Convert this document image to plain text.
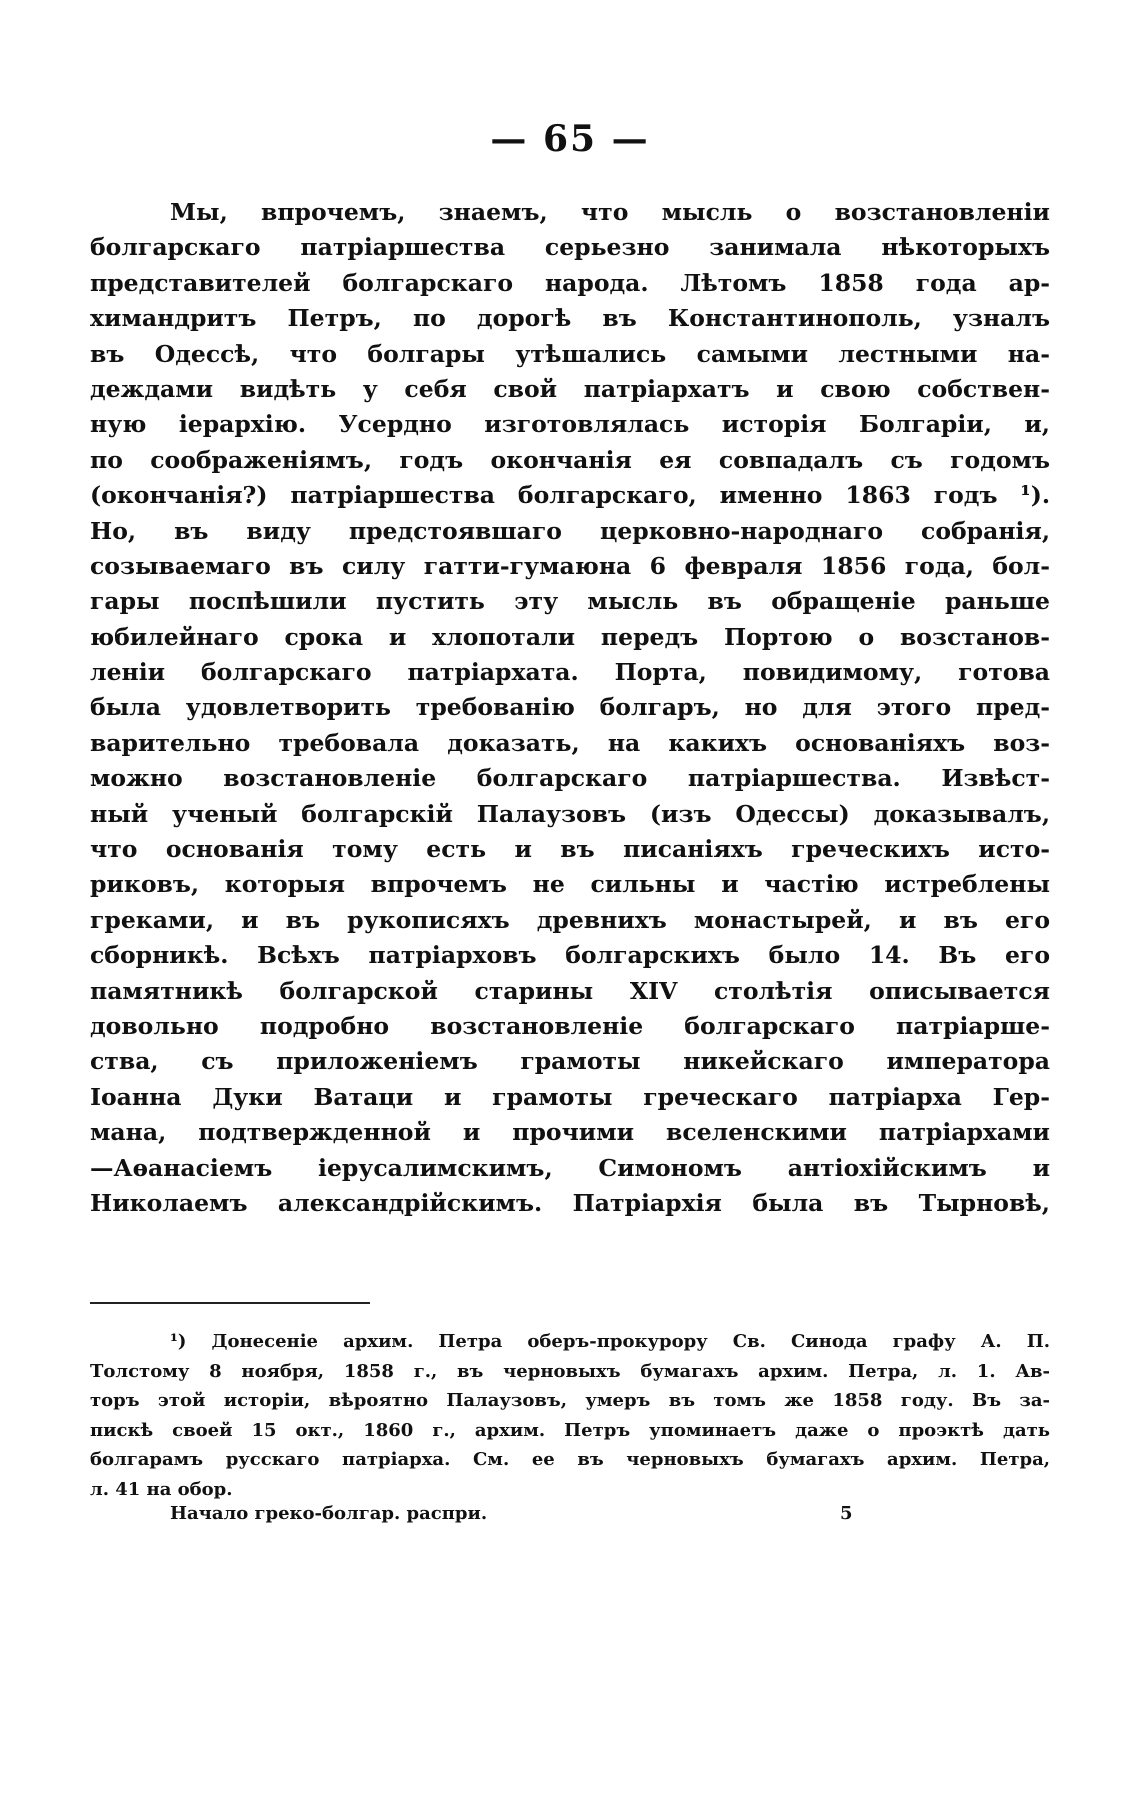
— 65 —
Мы, впрочемъ, знаемъ, что мысль о возстановленіи
болгарскаго патріаршества серьезно занимала нѣкоторыхъ
представителей болгарскаго народа. Лѣтомъ 1858 года ар-
химандритъ Петръ, по дорогѣ въ Константинополь, узналъ
въ Одессѣ, что болгары утѣшались самыми лестными на-
деждами видѣть у себя свой патріархатъ и свою собствен-
ную іерархію. Усердно изготовлялась исторія Болгаріи, и,
по соображеніямъ, годъ окончанія ея совпадалъ съ годомъ
(окончанія?) патріаршества болгарскаго, именно 1863 годъ ¹).
Но, въ виду предстоявшаго церковно-народнаго собранія,
созываемаго въ силу гатти-гумаюна 6 февраля 1856 года, бол-
гары поспѣшили пустить эту мысль въ обращеніе раньше
юбилейнаго срока и хлопотали передъ Портою о возстанов-
леніи болгарскаго патріархата. Порта, повидимому, готова
была удовлетворить требованію болгаръ, но для этого пред-
варительно требовала доказать, на какихъ основаніяхъ воз-
можно возстановленіе болгарскаго патріаршества. Извѣст-
ный ученый болгарскій Палаузовъ (изъ Одессы) доказывалъ,
что основанія тому есть и въ писаніяхъ греческихъ исто-
риковъ, которыя впрочемъ не сильны и частію истреблены
греками, и въ рукописяхъ древнихъ монастырей, и въ его
сборникѣ. Всѣхъ патріарховъ болгарскихъ было 14. Въ его
памятникѣ болгарской старины XIV столѣтія описывается
довольно подробно возстановленіе болгарскаго патріарше-
ства, съ приложеніемъ грамоты никейскаго императора
Іоанна Дуки Ватаци и грамоты греческаго патріарха Гер-
мана, подтвержденной и прочими вселенскими патріархами
—Аѳанасіемъ іерусалимскимъ, Симономъ антіохійскимъ и
Николаемъ александрійскимъ. Патріархія была въ Тырновѣ,
¹) Донесеніе архим. Петра оберъ-прокурору Св. Синода графу А. П.
Толстому 8 ноября, 1858 г., въ черновыхъ бумагахъ архим. Петра, л. 1. Ав-
торъ этой исторіи, вѣроятно Палаузовъ, умеръ въ томъ же 1858 году. Въ за-
пискѣ своей 15 окт., 1860 г., архим. Петръ упоминаетъ даже о проэктѣ дать
болгарамъ русскаго патріарха. См. ее въ черновыхъ бумагахъ архим. Петра,
л. 41 на обор.
Начало греко-болгар. распри.	5
